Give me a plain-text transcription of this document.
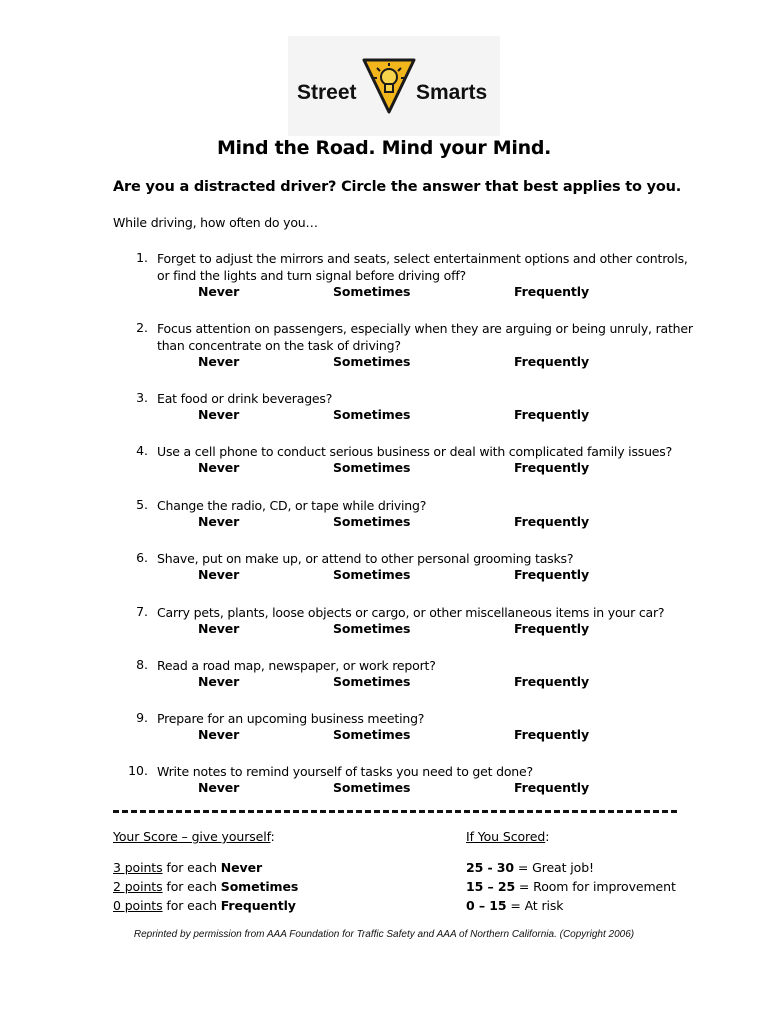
Street	Smarts
Mind the Road. Mind your Mind.
Are you a distracted driver? Circle the answer that best applies to you.
While driving, how often do you…
1. Forget to adjust the mirrors and seats, select entertainment options and other controls, or find the lights and turn signal before driving off?
Never	Sometimes	Frequently
2. Focus attention on passengers, especially when they are arguing or being unruly, rather than concentrate on the task of driving?
Never	Sometimes	Frequently
3. Eat food or drink beverages?
Never	Sometimes	Frequently
4. Use a cell phone to conduct serious business or deal with complicated family issues?
Never	Sometimes	Frequently
5. Change the radio, CD, or tape while driving?
Never	Sometimes	Frequently
6. Shave, put on make up, or attend to other personal grooming tasks?
Never	Sometimes	Frequently
7. Carry pets, plants, loose objects or cargo, or other miscellaneous items in your car?
Never	Sometimes	Frequently
8. Read a road map, newspaper, or work report?
Never	Sometimes	Frequently
9. Prepare for an upcoming business meeting?
Never	Sometimes	Frequently
10. Write notes to remind yourself of tasks you need to get done?
Never	Sometimes	Frequently
Your Score – give yourself:
3 points for each Never
2 points for each Sometimes
0 points for each Frequently
If You Scored:
25 - 30 = Great job!
15 – 25 = Room for improvement
0 – 15 = At risk
Reprinted by permission from AAA Foundation for Traffic Safety and AAA of Northern California. (Copyright 2006)
